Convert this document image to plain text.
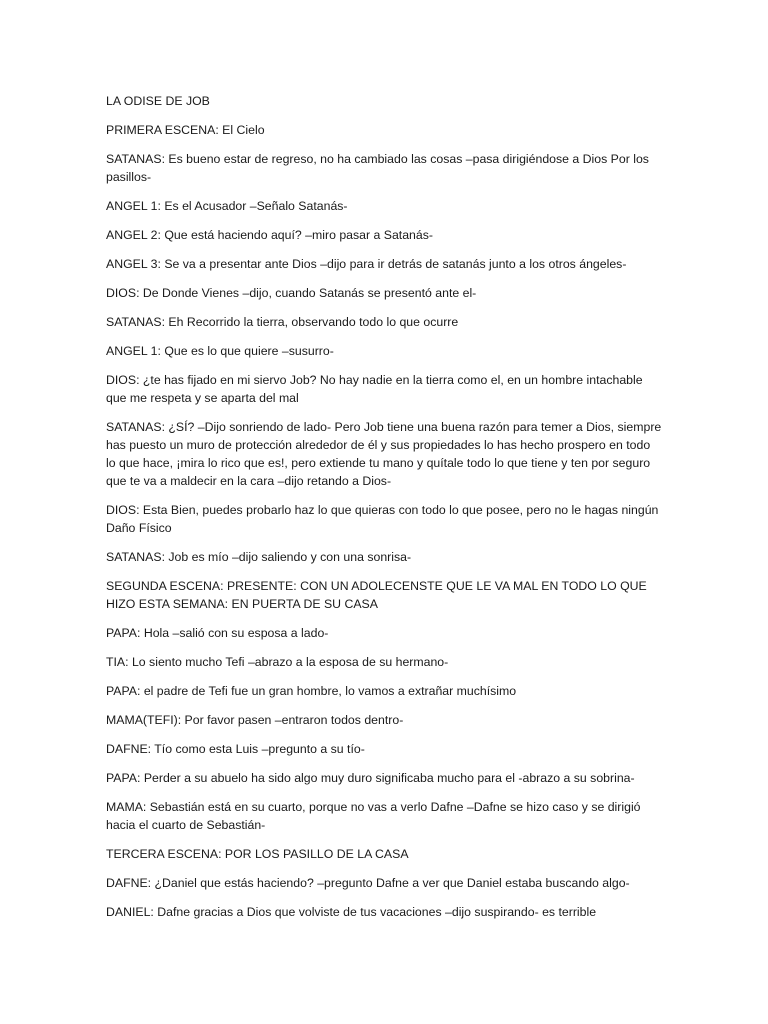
LA ODISE DE JOB

PRIMERA ESCENA: El Cielo

SATANAS: Es bueno estar de regreso, no ha cambiado las cosas –pasa dirigiéndose a Dios Por los pasillos-

ANGEL 1: Es el Acusador –Señalo Satanás-

ANGEL 2: Que está haciendo aquí? –miro pasar a Satanás-

ANGEL 3: Se va a presentar ante Dios –dijo para ir detrás de satanás junto a los otros ángeles-

DIOS: De Donde Vienes –dijo, cuando Satanás se presentó ante el-

SATANAS: Eh Recorrido la tierra, observando todo lo que ocurre

ANGEL 1: Que es lo que quiere –susurro-

DIOS: ¿te has fijado en mi siervo Job? No hay nadie en la tierra como el, en un hombre intachable que me respeta y se aparta del mal

SATANAS: ¿SÍ? –Dijo sonriendo de lado- Pero Job tiene una buena razón para temer a Dios, siempre has puesto un muro de protección alrededor de él y sus propiedades lo has hecho prospero en todo lo que hace, ¡mira lo rico que es!, pero extiende tu mano y quítale todo lo que tiene y ten por seguro que te va a maldecir en la cara –dijo retando a Dios-

DIOS: Esta Bien, puedes probarlo haz lo que quieras con todo lo que posee, pero no le hagas ningún Daño Físico

SATANAS: Job es mío –dijo saliendo y con una sonrisa-

SEGUNDA ESCENA: PRESENTE: CON UN ADOLECENSTE QUE LE VA MAL EN TODO LO QUE HIZO ESTA SEMANA: EN PUERTA DE SU CASA

PAPA: Hola –salió con su esposa a lado-

TIA: Lo siento mucho Tefi –abrazo a la esposa de su hermano-

PAPA: el padre de Tefi fue un gran hombre, lo vamos a extrañar muchísimo

MAMA(TEFI): Por favor pasen –entraron todos dentro-

DAFNE: Tío como esta Luis –pregunto a su tío-

PAPA: Perder a su abuelo ha sido algo muy duro significaba mucho para el -abrazo a su sobrina-

MAMA: Sebastián está en su cuarto, porque no vas a verlo Dafne –Dafne se hizo caso y se dirigió hacia el cuarto de Sebastián-

TERCERA ESCENA: POR LOS PASILLO DE LA CASA

DAFNE: ¿Daniel que estás haciendo? –pregunto Dafne a ver que Daniel estaba buscando algo-

DANIEL: Dafne gracias a Dios que volviste de tus vacaciones –dijo suspirando- es terrible
